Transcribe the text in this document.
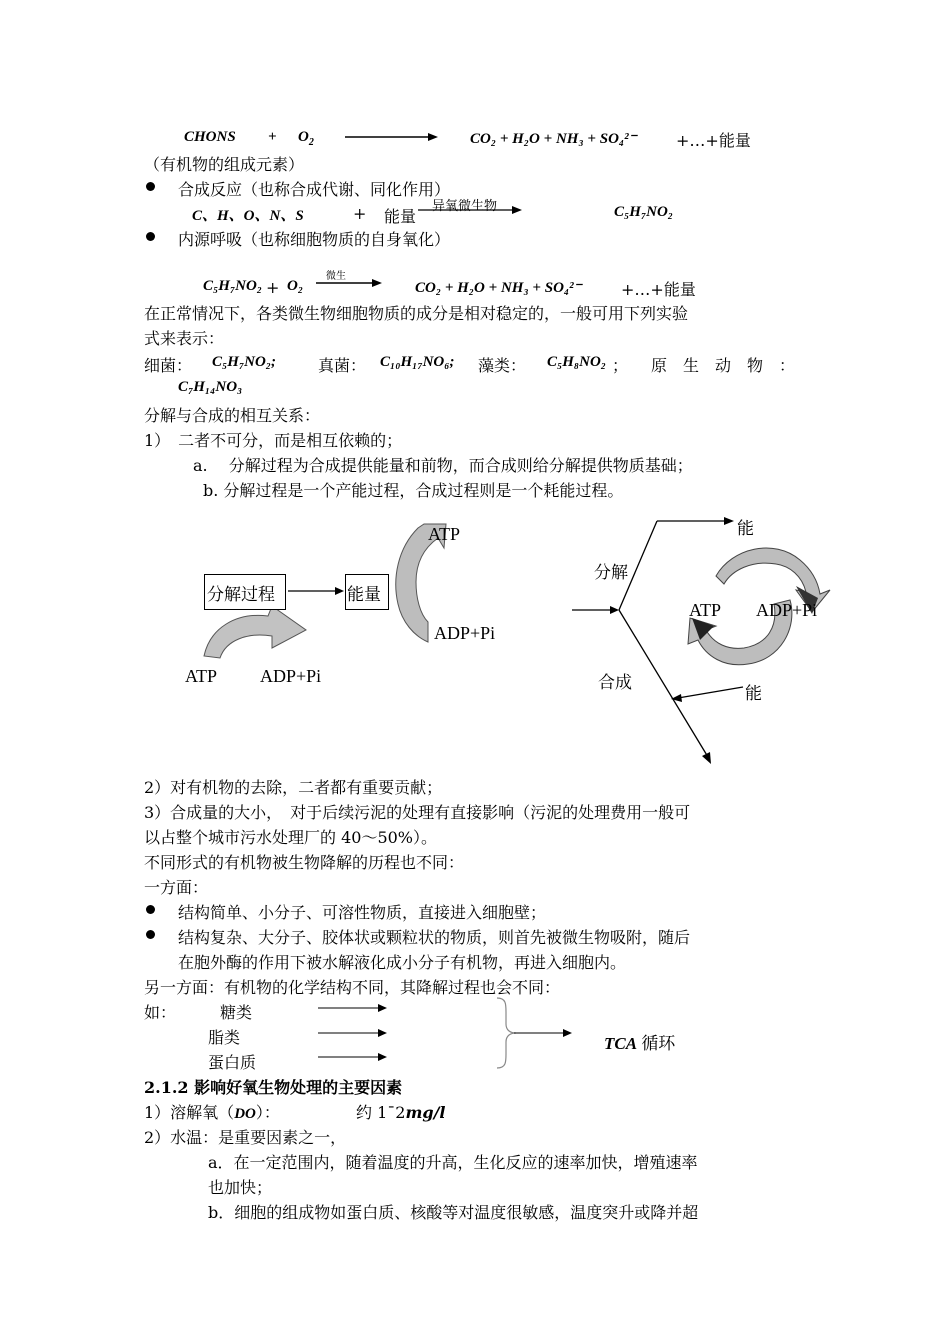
CHONS + $O_2$	CO₂ + H₂O + NH₃ + SO₄²⁻ +…+能量
（有机物的组成元素）
合成反应（也称合成代谢、同化作用）
C、H、O、N、S	+ 能量
异氧微生物	C₅H₇NO₂
内源呼吸（也称细胞物质的自身氧化）
C₅H₇NO₂ + O₂
微生
CO₂ + H₂O + NH₃ + SO₄²⁻ +…+能量
在正常情况下，各类微生物细胞物质的成分是相对稳定的，一般可用下列实验
式来表示：
细菌： C₅H₇NO₂;	真菌： C₁₀H₁₇NO₆; 藻类： C₅H₈NO₂ ； 原　生　动　物　：
C₇H₁₄NO₃
分解与合成的相互关系：
1）　二者不可分，而是相互依赖的；
a.　 分解过程为合成提供能量和前物，而合成则给分解提供物质基础；
b. 分解过程是一个产能过程，合成过程则是一个耗能过程。
分解过程	能量
ATP
ADP+Pi
ATP ADP+Pi
分解
合成
能
能
ATP ADP+Pi
2）对有机物的去除，二者都有重要贡献；
3）合成量的大小，　对于后续污泥的处理有直接影响（污泥的处理费用一般可
以占整个城市污水处理厂的 40～50%）。
不同形式的有机物被生物降解的历程也不同：
一方面：
结构简单、小分子、可溶性物质，直接进入细胞壁；
结构复杂、大分子、胶体状或颗粒状的物质，则首先被微生物吸附，随后
在胞外酶的作用下被水解液化成小分子有机物，再进入细胞内。
另一方面：有机物的化学结构不同，其降解过程也会不同：
如：	糖类
脂类
蛋白质
TCA 循环
2.1.2 影响好氧生物处理的主要因素
1）溶解氧（DO）：	约 1¯2mg/l
2）水温：是重要因素之一，
a．在一定范围内，随着温度的升高，生化反应的速率加快，增殖速率
也加快；
b．细胞的组成物如蛋白质、核酸等对温度很敏感，温度突升或降并超
